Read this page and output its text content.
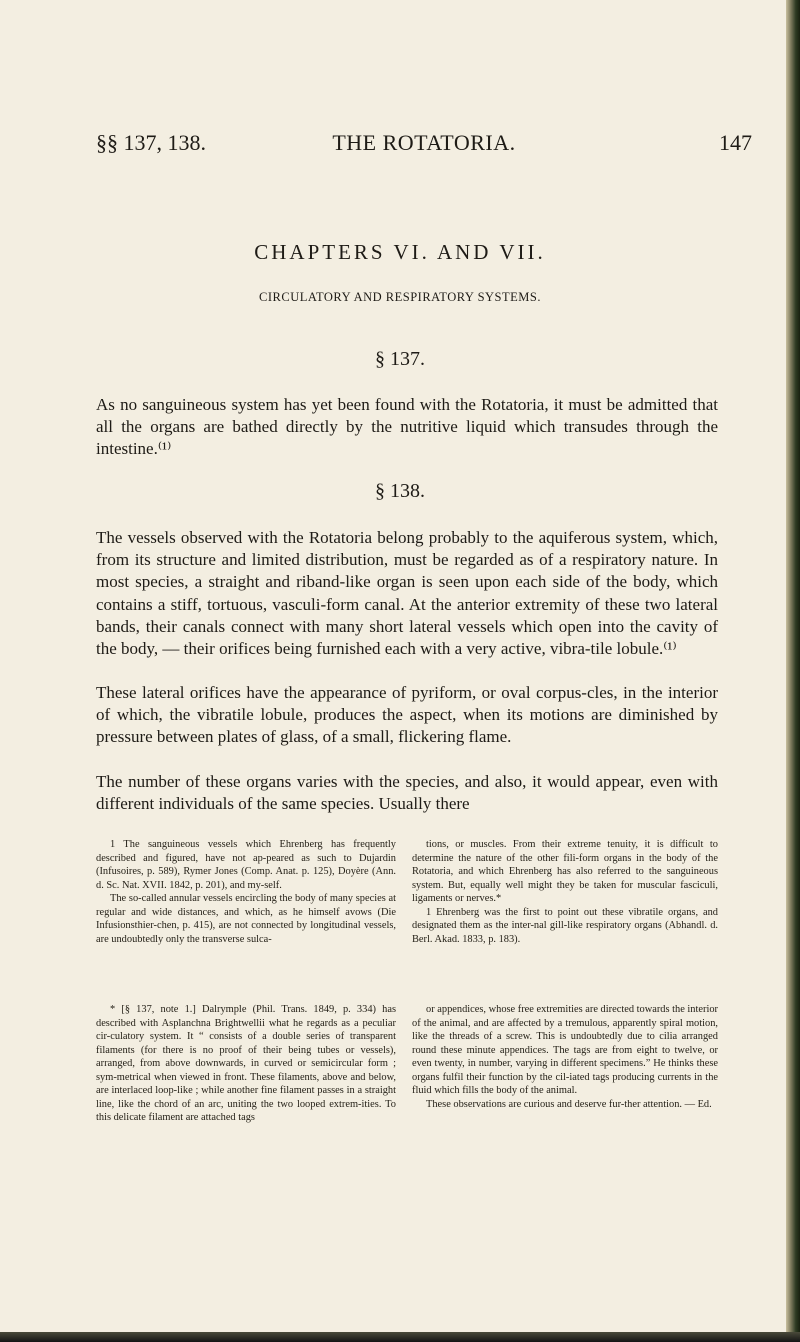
§§ 137, 138.	THE ROTATORIA.	147
CHAPTERS VI. AND VII.
CIRCULATORY AND RESPIRATORY SYSTEMS.
§ 137.
As no sanguineous system has yet been found with the Rotatoria, it must be admitted that all the organs are bathed directly by the nutritive liquid which transudes through the intestine.⁽¹⁾
§ 138.
The vessels observed with the Rotatoria belong probably to the aquiferous system, which, from its structure and limited distribution, must be regarded as of a respiratory nature. In most species, a straight and riband-like organ is seen upon each side of the body, which contains a stiff, tortuous, vasculi-form canal. At the anterior extremity of these two lateral bands, their canals connect with many short lateral vessels which open into the cavity of the body, — their orifices being furnished each with a very active, vibra-tile lobule.⁽¹⁾
These lateral orifices have the appearance of pyriform, or oval corpus-cles, in the interior of which, the vibratile lobule, produces the aspect, when its motions are diminished by pressure between plates of glass, of a small, flickering flame.
The number of these organs varies with the species, and also, it would appear, even with different individuals of the same species. Usually there

1 The sanguineous vessels which Ehrenberg has frequently described and figured, have not ap-peared as such to Dujardin (Infusoires, p. 589), Rymer Jones (Comp. Anat. p. 125), Doyère (Ann. d. Sc. Nat. XVII. 1842, p. 201), and my-self.

The so-called annular vessels encircling the body of many species at regular and wide distances, and which, as he himself avows (Die Infusionsthier-chen, p. 415), are not connected by longitudinal vessels, are undoubtedly only the transverse sulca-

tions, or muscles. From their extreme tenuity, it is difficult to determine the nature of the other fili-form organs in the body of the Rotatoria, and which Ehrenberg has also referred to the sanguineous system. But, equally well might they be taken for muscular fasciculi, ligaments or nerves.*

1 Ehrenberg was the first to point out these vibratile organs, and designated them as the inter-nal gill-like respiratory organs (Abhandl. d. Berl. Akad. 1833, p. 183).

* [§ 137, note 1.] Dalrymple (Phil. Trans. 1849, p. 334) has described with Asplanchna Brightwellii what he regards as a peculiar cir-culatory system. It “ consists of a double series of transparent filaments (for there is no proof of their being tubes or vessels), arranged, from above downwards, in curved or semicircular form ; sym-metrical when viewed in front. These filaments, above and below, are interlaced loop-like ; while another fine filament passes in a straight line, like the chord of an arc, uniting the two looped extrem-ities. To this delicate filament are attached tags

or appendices, whose free extremities are directed towards the interior of the animal, and are affected by a tremulous, apparently spiral motion, like the threads of a screw. This is undoubtedly due to cilia arranged round these minute appendices. The tags are from eight to twelve, or even twenty, in number, varying in different specimens.” He thinks these organs fulfil their function by the cil-iated tags producing currents in the fluid which fills the body of the animal.

These observations are curious and deserve fur-ther attention. — Ed.
